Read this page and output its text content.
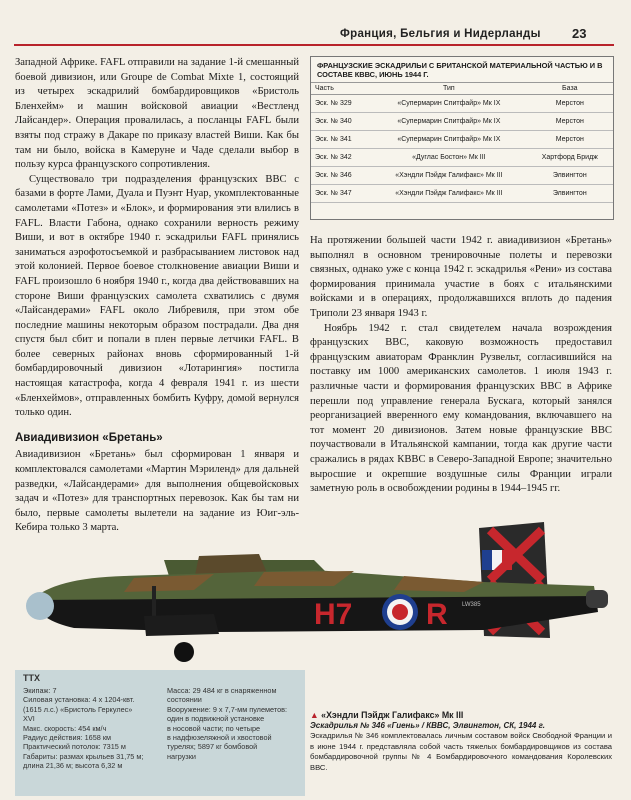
Франция, Бельгия и Нидерланды 23

Западной Африке. FAFL отправили на задание 1-й смешанный боевой дивизион, или Groupe de Combat Mixte 1, состоящий из четырех эскадрилий бомбардировщиков «Бристоль Бленхейм» и машин войсковой авиации «Вестленд Лайсандер». Операция провалилась, а посланцы FAFL были взяты под стражу в Дакаре по приказу властей Виши. Как бы там ни было, войска в Камеруне и Чаде сделали выбор в пользу курса французского сопротивления.

Существовало три подразделения французских ВВС с базами в форте Лами, Дуала и Пуэнт Нуар, укомплектованные самолетами «Потез» и «Блок», и формирования эти влились в FAFL. Власти Габона, однако сохранили верность режиму Виши, и вот в октябре 1940 г. эскадрильи FAFL принялись заниматься аэрофотосъемкой и разбрасыванием листовок над этой колонией. Первое боевое столкновение авиации Виши и FAFL произошло 6 ноября 1940 г., когда два действовавших на стороне Виши французских самолета схватились с двумя «Лайсандерами» FAFL около Либревиля, при этом обе последние машины некоторым образом пострадали. Два дня спустя был сбит и попали в плен первые летчики FAFL. В более северных районах вновь сформированный 1-й бомбардировочный дивизион «Лотарингия» постигла настоящая катастрофа, когда 4 февраля 1941 г. из шести «Бленхеймов», отправленных бомбить Куфру, домой вернулся только один.

Авиадивизион «Бретань»

Авиадивизион «Бретань» был сформирован 1 января и комплектовался самолетами «Мартин Мэриленд» для дальней разведки, «Лайсандерами» для выполнения общевойсковых задач и «Потез» для транспортных перевозок. Как бы там ни было, первые самолеты вылетели на задание из Юиг-эль-Кебира только 3 марта.

ФРАНЦУЗСКИЕ ЭСКАДРИЛЬИ С БРИТАНСКОЙ МАТЕРИАЛЬНОЙ ЧАСТЬЮ И В СОСТАВЕ КВВС, ИЮНЬ 1944 Г.
Часть	Тип	База
Эск. № 329	«Супермарин Спитфайр» Мк IX	Мерстон
Эск. № 340	«Супермарин Спитфайр» Мк IX	Мерстон
Эск. № 341	«Супермарин Спитфайр» Мк IX	Мерстон
Эск. № 342	«Дуглас Бостон» Мк III	Хартфорд Бридж
Эск. № 346	«Хэндли Пэйдж Галифакс» Мк III	Элвингтон
Эск. № 347	«Хэндли Пэйдж Галифакс» Мк III	Элвингтон

На протяжении большей части 1942 г. авиадивизион «Бретань» выполнял в основном тренировочные полеты и перевозки связных, однако уже с конца 1942 г. эскадрилья «Рени» из состава формирования принимала участие в боях с итальянскими войсками и в операциях, продолжавшихся вплоть до падения Триполи 23 января 1943 г.

Ноябрь 1942 г. стал свидетелем начала возрождения французских ВВС, каковую возможность предоставил французским авиаторам Франклин Рузвельт, согласившийся на поставку им 1000 американских самолетов. 1 июля 1943 г. различные части и формирования французских ВВС в Африке перешли под управление генерала Бускага, который занялся реорганизацией вверенного ему командования, включавшего на тот момент 20 дивизионов. Затем новые французские ВВС поучаствовали в Итальянской кампании, тогда как другие части сражались в рядах КВВС в Северо-Западной Европе; значительно выросшие и окрепшие воздушные силы Франции играли заметную роль в освобождении родины в 1944–1945 гг.

H7 R LW385
ТТХ
Экипаж: 7
Силовая установка: 4 х 1204-квт.
(1615 л.с.) «Бристоль Геркулес»
XVI
Макс. скорость: 454 км/ч
Радиус действия: 1658 км
Практический потолок: 7315 м
Габариты: размах крыльев 31,75 м;
длина 21,36 м; высота 6,32 м
Масса: 29 484 кг в снаряженном
состоянии
Вооружение: 9 х 7,7-мм пулеметов:
один в подвижной установке
в носовой части; по четыре
в надфюзеляжной и хвостовой
турелях; 5897 кг бомбовой
нагрузки
▲ «Хэндли Пэйдж Галифакс» Мк III
Эскадрилья № 346 «Гиень» / КВВС, Элвингтон, СК, 1944 г.
Эскадрилья № 346 комплектовалась личным составом войск Свободной Франции и в июне 1944 г. представляла собой часть тяжелых бомбардировщиков из состава бомбардировочной группы № 4 Бомбардировочного командования Королевских ВВС.
